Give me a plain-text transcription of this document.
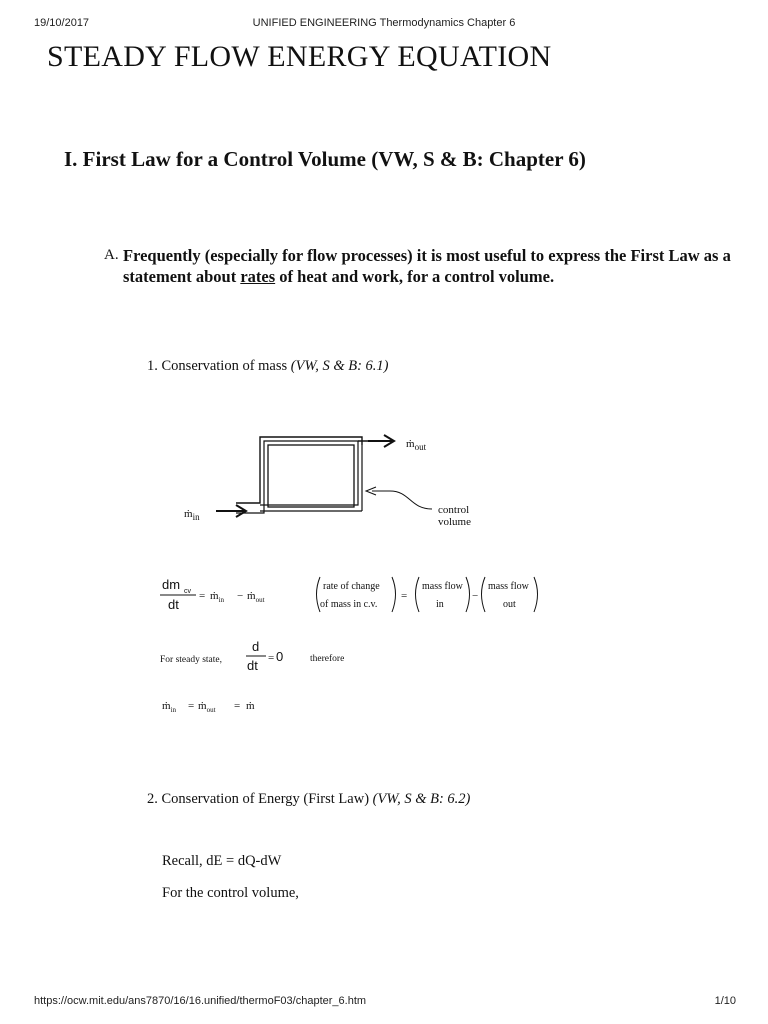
19/10/2017	UNIFIED ENGINEERING Thermodynamics Chapter 6
STEADY FLOW ENERGY EQUATION
I. First Law for a Control Volume (VW, S & B: Chapter 6)
A. Frequently (especially for flow processes) it is most useful to express the First Law as a statement about rates of heat and work, for a control volume.
1. Conservation of mass (VW, S & B: 6.1)
ṁ$_{in}$
ṁ$_{out}$
control
volume
dm cv
dt
= ṁ$_{in}$ − ṁ$_{out}$
rate of change
of mass in c.v.
=
mass flow
in
−
mass flow
out
For steady state,
d
dt = 0	therefore
ṁ$_{in}$ = ṁ$_{out}$ = ṁ
2. Conservation of Energy (First Law) (VW, S & B: 6.2)
Recall, dE = dQ-dW
For the control volume,
https://ocw.mit.edu/ans7870/16/16.unified/thermoF03/chapter_6.htm	1/10
